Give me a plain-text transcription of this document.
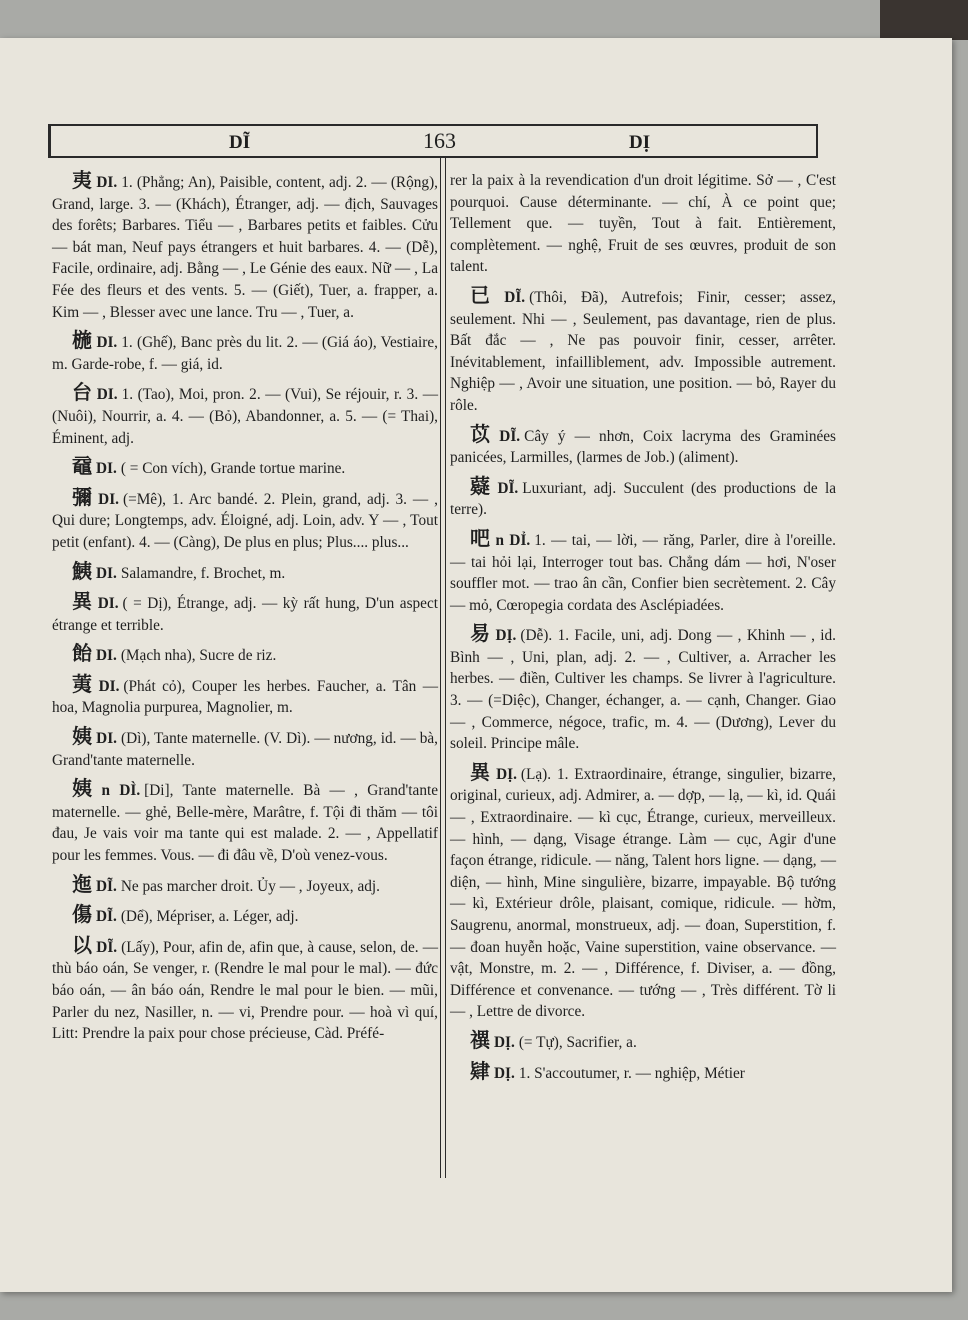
DĨ	163	DỊ

夷 DI. 1. (Phẳng; An), Paisible, content, adj. 2. — (Rộng), Grand, large. 3. — (Khách), Étranger, adj. — địch, Sauvages des forêts; Barbares. Tiểu — , Barbares petits et faibles. Cửu — bát man, Neuf pays étrangers et huit barbares. 4. — (Dễ), Facile, ordinaire, adj. Bằng — , Le Génie des eaux. Nữ — , La Fée des fleurs et des vents. 5. — (Giết), Tuer, a. frapper, a. Kim — , Blesser avec une lance. Tru — , Tuer, a.

椸 DI. 1. (Ghế), Banc près du lit. 2. — (Giá áo), Vestiaire, m. Garde-robe, f. — giá, id.

台 DI. 1. (Tao), Moi, pron. 2. — (Vui), Se réjouir, r. 3. — (Nuôi), Nourrir, a. 4. — (Bỏ), Abandonner, a. 5. — (= Thai), Éminent, adj.

黿 DI. ( = Con vích), Grande tortue marine.

彌 DI. (=Mê), 1. Arc bandé. 2. Plein, grand, adj. 3. — , Qui dure; Longtemps, adv. Éloigné, adj. Loin, adv. Y — , Tout petit (enfant). 4. — (Càng), De plus en plus; Plus.... plus...

鮧 DI. Salamandre, f. Brochet, m.

異 DI. ( = Dị), Étrange, adj. — kỳ rất hung, D'un aspect étrange et terrible.

飴 DI. (Mạch nha), Sucre de riz.

荑 DI. (Phát cỏ), Couper les herbes. Faucher, a. Tân — hoa, Magnolia purpurea, Magnolier, m.

姨 DI. (Dì), Tante maternelle. (V. Dì). — nương, id. — bà, Grand'tante maternelle.

姨 n DÌ. [Di], Tante maternelle. Bà — , Grand'tante maternelle. — ghẻ, Belle-mère, Marâtre, f. Tội đi thăm — tôi đau, Je vais voir ma tante qui est malade. 2. — , Appellatif pour les femmes. Vous. — đi đâu về, D'où venez-vous.

迤 DĨ. Ne pas marcher droit. Ủy — , Joyeux, adj.

傷 DĨ. (Dể), Mépriser, a. Léger, adj.

以 DĨ. (Lấy), Pour, afin de, afin que, à cause, selon, de. — thù báo oán, Se venger, r. (Rendre le mal pour le mal). — đức báo oán, — ân báo oán, Rendre le mal pour le bien. — mũi, Parler du nez, Nasiller, n. — vi, Prendre pour. — hoà vì quí, Litt: Prendre la paix pour chose précieuse, Càd. Préfé-

rer la paix à la revendication d'un droit légitime. Sở — , C'est pourquoi. Cause déterminante. — chí, À ce point que; Tellement que. — tuyền, Tout à fait. Entièrement, complètement. — nghệ, Fruit de ses œuvres, produit de son talent.

已 DĨ. (Thôi, Đã), Autrefois; Finir, cesser; assez, seulement. Nhi — , Seulement, pas davantage, rien de plus. Bất đắc — , Ne pas pouvoir finir, cesser, arrêter. Inévitablement, infailliblement, adv. Impossible autrement. Nghiệp — , Avoir une situation, une position. — bỏ, Rayer du rôle.

苡 DĨ. Cây ý — nhơn, Coix lacryma des Graminées panicées, Larmilles, (larmes de Job.) (aliment).

薿 DĨ. Luxuriant, adj. Succulent (des productions de la terre).

吧 n DỈ. 1. — tai, — lời, — răng, Parler, dire à l'oreille. — tai hỏi lại, Interroger tout bas. Chẳng dám — hơi, N'oser souffler mot. — trao ân cần, Confier bien secrètement. 2. Cây — mỏ, Cœropegia cordata des Asclépiadées.

易 DỊ. (Dễ). 1. Facile, uni, adj. Dong — , Khinh — , id. Bình — , Uni, plan, adj. 2. — , Cultiver, a. Arracher les herbes. — điền, Cultiver les champs. Se livrer à l'agriculture. 3. — (=Diệc), Changer, échanger, a. — cạnh, Changer. Giao — , Commerce, négoce, trafic, m. 4. — (Dương), Lever du soleil. Principe mâle.

異 DỊ. (Lạ). 1. Extraordinaire, étrange, singulier, bizarre, original, curieux, adj. Admirer, a. — dợp, — lạ, — kì, id. Quái — , Extraordinaire. — kì cục, Étrange, curieux, merveilleux. — hình, — dạng, Visage étrange. Làm — cục, Agir d'une façon étrange, ridicule. — năng, Talent hors ligne. — dạng, — diện, — hình, Mine singulière, bizarre, impayable. Bộ tướng — kì, Extérieur drôle, plaisant, comique, ridicule. — hờm, Saugrenu, anormal, monstrueux, adj. — đoan, Superstition, f. — đoan huyễn hoặc, Vaine superstition, vaine observance. — vật, Monstre, m. 2. — , Différence, f. Diviser, a. — đồng, Différence et convenance. — tướng — , Très différent. Tờ li — , Lettre de divorce.

禩 DỊ. (= Tự), Sacrifier, a.

肄 DỊ. 1. S'accoutumer, r. — nghiệp, Métier
